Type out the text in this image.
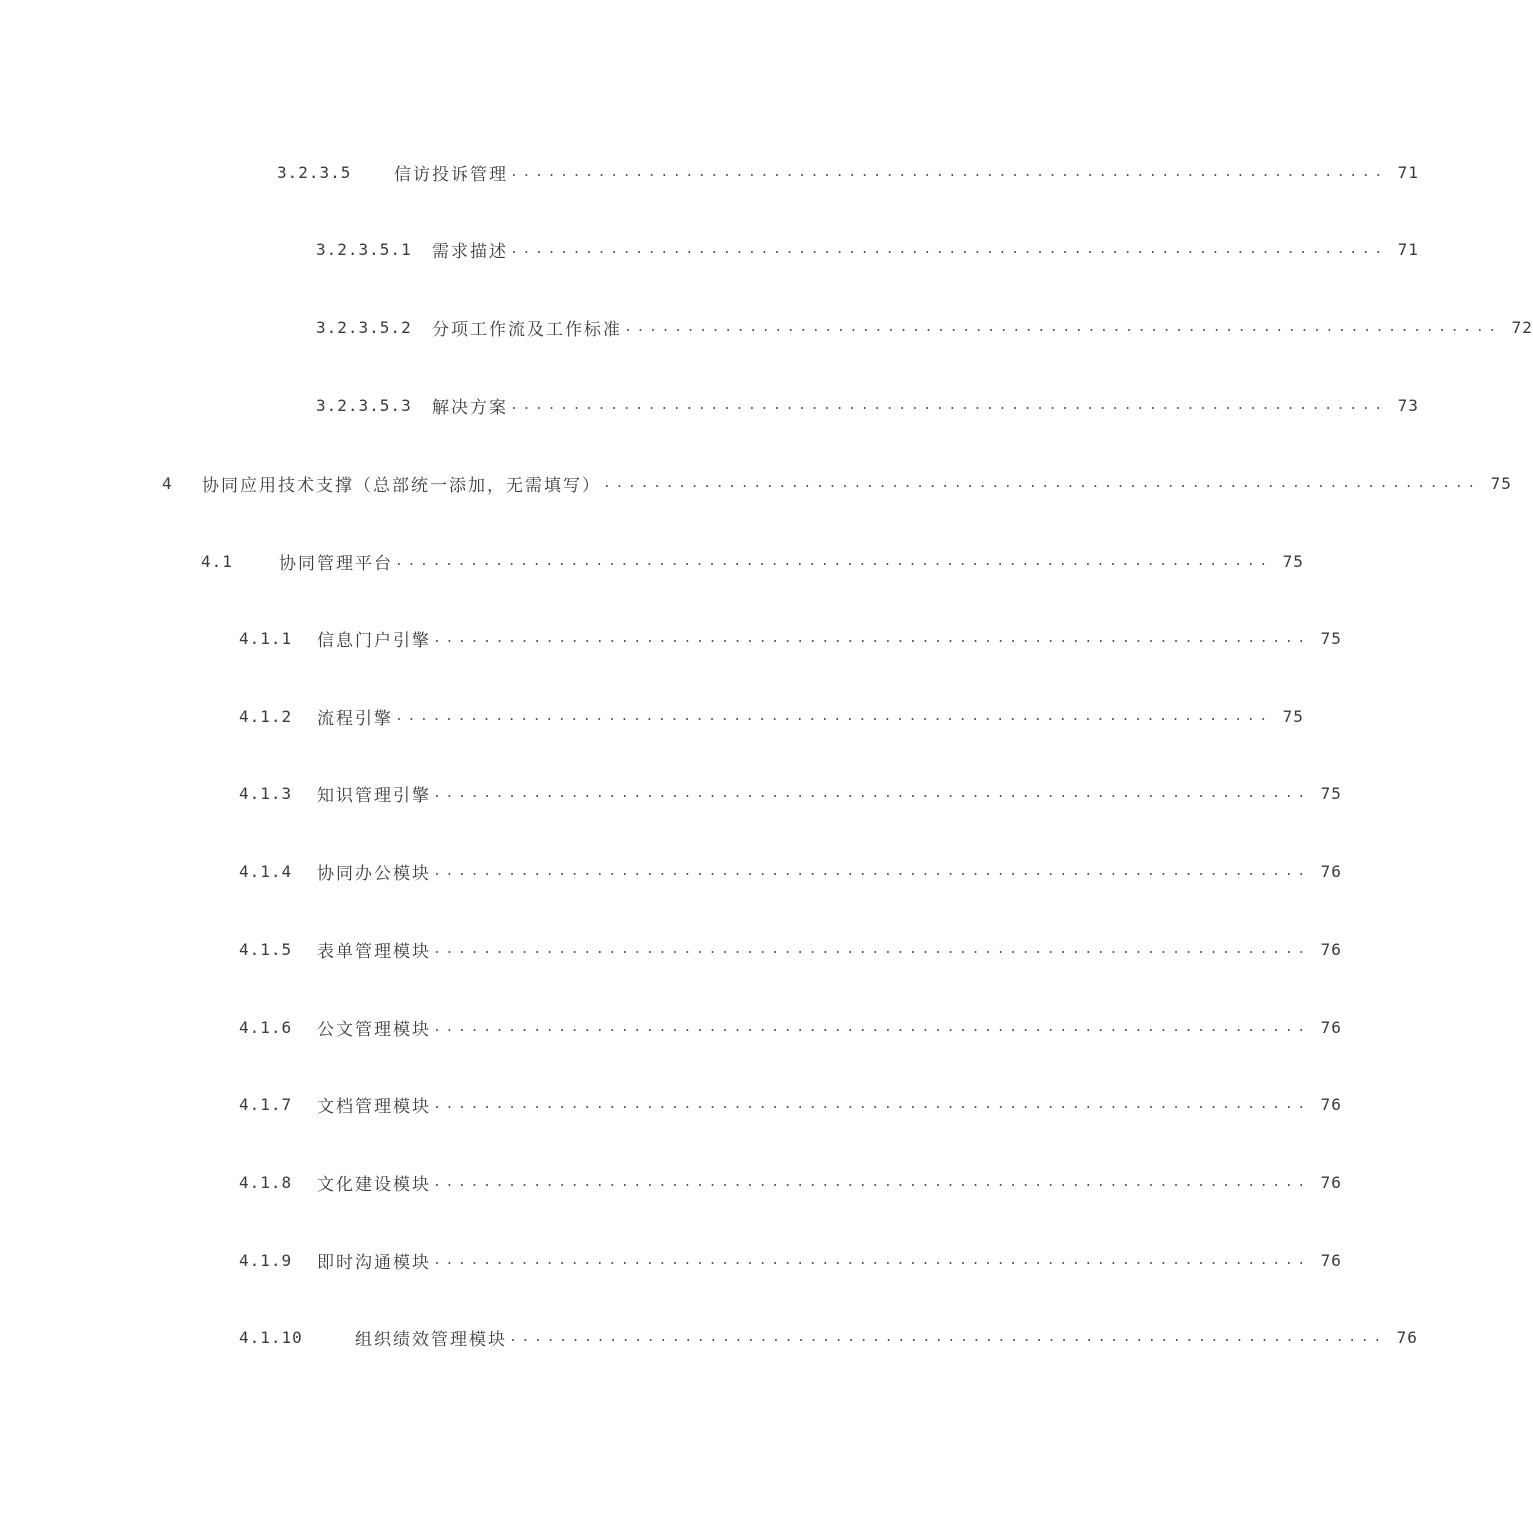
3.2.3.5	信访投诉管理 ...................................................................... 71
3.2.3.5.1	需求描述 ...................................................................... 71
3.2.3.5.2	分项工作流及工作标准 ...................................................................... 72
3.2.3.5.3	解决方案 ...................................................................... 73
4	协同应用技术支撑（总部统一添加，无需填写） ...................................................................... 75
4.1	协同管理平台 ...................................................................... 75
4.1.1	信息门户引擎 ...................................................................... 75
4.1.2	流程引擎 ...................................................................... 75
4.1.3	知识管理引擎 ...................................................................... 75
4.1.4	协同办公模块 ...................................................................... 76
4.1.5	表单管理模块 ...................................................................... 76
4.1.6	公文管理模块 ...................................................................... 76
4.1.7	文档管理模块 ...................................................................... 76
4.1.8	文化建设模块 ...................................................................... 76
4.1.9	即时沟通模块 ...................................................................... 76
4.1.10	组织绩效管理模块 ...................................................................... 76
